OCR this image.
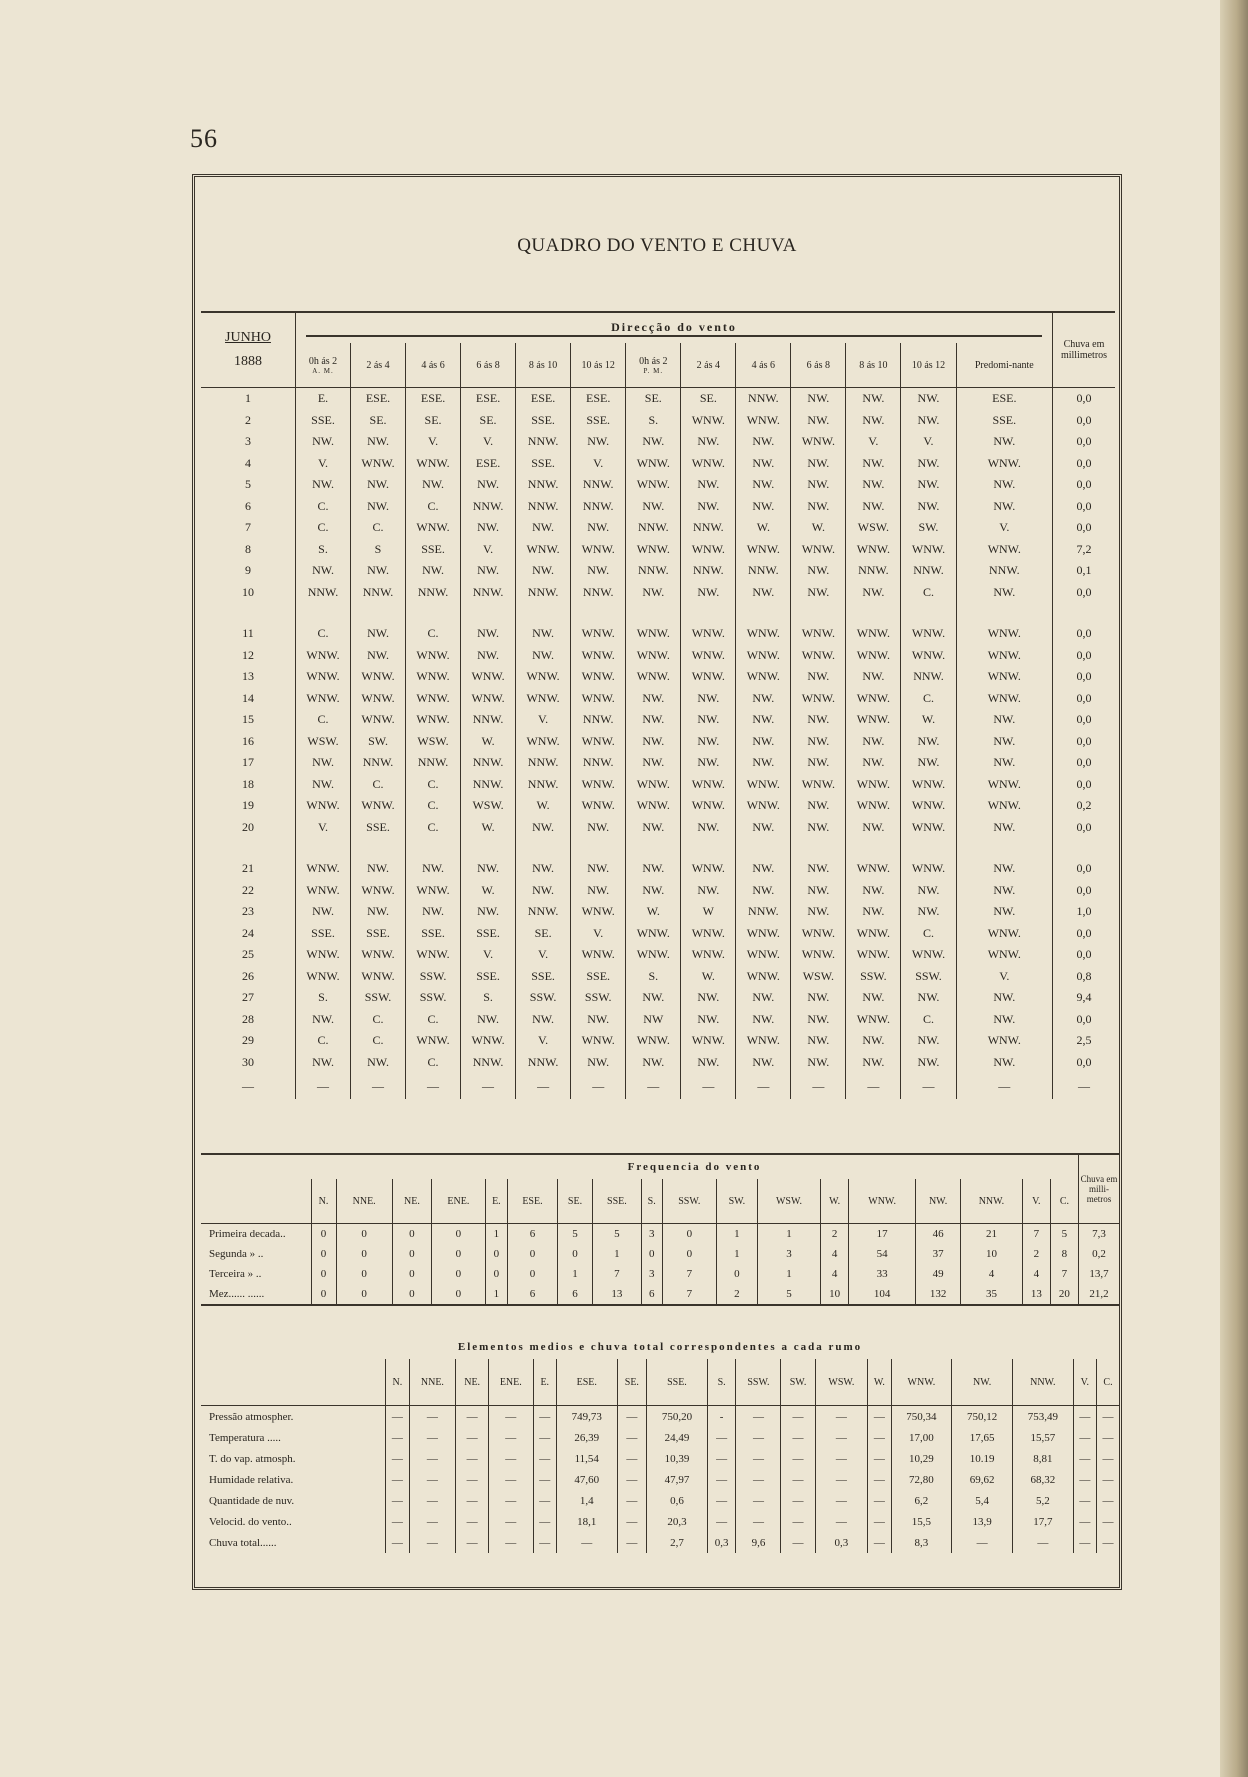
56
QUADRO DO VENTO E CHUVA
JUNHO
1888	Direcção do vento													Chuva em millimetros
	0h ás 2
A. M.	2 ás 4	4 ás 6	6 ás 8	8 ás 10	10 ás 12	0h ás 2
P. M.	2 ás 4	4 ás 6	6 ás 8	8 ás 10	10 ás 12	Predomi-nante	
1	E.	ESE.	ESE.	ESE.	ESE.	ESE.	SE.	SE.	NNW.	NW.	NW.	NW.	ESE.	0,0
2	SSE.	SE.	SE.	SE.	SSE.	SSE.	S.	WNW.	WNW.	NW.	NW.	NW.	SSE.	0,0
3	NW.	NW.	V.	V.	NNW.	NW.	NW.	NW.	NW.	WNW.	V.	V.	NW.	0,0
4	V.	WNW.	WNW.	ESE.	SSE.	V.	WNW.	WNW.	NW.	NW.	NW.	NW.	WNW.	0,0
5	NW.	NW.	NW.	NW.	NNW.	NNW.	WNW.	NW.	NW.	NW.	NW.	NW.	NW.	0,0
6	C.	NW.	C.	NNW.	NNW.	NNW.	NW.	NW.	NW.	NW.	NW.	NW.	NW.	0,0
7	C.	C.	WNW.	NW.	NW.	NW.	NNW.	NNW.	W.	W.	WSW.	SW.	V.	0,0
8	S.	S	SSE.	V.	WNW.	WNW.	WNW.	WNW.	WNW.	WNW.	WNW.	WNW.	WNW.	7,2
9	NW.	NW.	NW.	NW.	NW.	NW.	NNW.	NNW.	NNW.	NW.	NNW.	NNW.	NNW.	0,1
10	NNW.	NNW.	NNW.	NNW.	NNW.	NNW.	NW.	NW.	NW.	NW.	NW.	C.	NW.	0,0

11	C.	NW.	C.	NW.	NW.	WNW.	WNW.	WNW.	WNW.	WNW.	WNW.	WNW.	WNW.	0,0
12	WNW.	NW.	WNW.	NW.	NW.	WNW.	WNW.	WNW.	WNW.	WNW.	WNW.	WNW.	WNW.	0,0
13	WNW.	WNW.	WNW.	WNW.	WNW.	WNW.	WNW.	WNW.	WNW.	NW.	NW.	NNW.	WNW.	0,0
14	WNW.	WNW.	WNW.	WNW.	WNW.	WNW.	NW.	NW.	NW.	WNW.	WNW.	C.	WNW.	0,0
15	C.	WNW.	WNW.	NNW.	V.	NNW.	NW.	NW.	NW.	NW.	WNW.	W.	NW.	0,0
16	WSW.	SW.	WSW.	W.	WNW.	WNW.	NW.	NW.	NW.	NW.	NW.	NW.	NW.	0,0
17	NW.	NNW.	NNW.	NNW.	NNW.	NNW.	NW.	NW.	NW.	NW.	NW.	NW.	NW.	0,0
18	NW.	C.	C.	NNW.	NNW.	WNW.	WNW.	WNW.	WNW.	WNW.	WNW.	WNW.	WNW.	0,0
19	WNW.	WNW.	C.	WSW.	W.	WNW.	WNW.	WNW.	WNW.	NW.	WNW.	WNW.	WNW.	0,2
20	V.	SSE.	C.	W.	NW.	NW.	NW.	NW.	NW.	NW.	NW.	WNW.	NW.	0,0

21	WNW.	NW.	NW.	NW.	NW.	NW.	NW.	WNW.	NW.	NW.	WNW.	WNW.	NW.	0,0
22	WNW.	WNW.	WNW.	W.	NW.	NW.	NW.	NW.	NW.	NW.	NW.	NW.	NW.	0,0
23	NW.	NW.	NW.	NW.	NNW.	WNW.	W.	W	NNW.	NW.	NW.	NW.	NW.	1,0
24	SSE.	SSE.	SSE.	SSE.	SE.	V.	WNW.	WNW.	WNW.	WNW.	WNW.	C.	WNW.	0,0
25	WNW.	WNW.	WNW.	V.	V.	WNW.	WNW.	WNW.	WNW.	WNW.	WNW.	WNW.	WNW.	0,0
26	WNW.	WNW.	SSW.	SSE.	SSE.	SSE.	S.	W.	WNW.	WSW.	SSW.	SSW.	V.	0,8
27	S.	SSW.	SSW.	S.	SSW.	SSW.	NW.	NW.	NW.	NW.	NW.	NW.	NW.	9,4
28	NW.	C.	C.	NW.	NW.	NW.	NW	NW.	NW.	NW.	WNW.	C.	NW.	0,0
29	C.	C.	WNW.	WNW.	V.	WNW.	WNW.	WNW.	WNW.	NW.	NW.	NW.	WNW.	2,5
30	NW.	NW.	C.	NNW.	NNW.	NW.	NW.	NW.	NW.	NW.	NW.	NW.	NW.	0,0
—	—	—	—	—	—	—	—	—	—	—	—	—	—	—
	Frequencia do vento																		Chuva em milli-metros
	N.	NNE.	NE.	ENE.	E.	ESE.	SE.	SSE.	S.	SSW.	SW.	WSW.	W.	WNW.	NW.	NNW.	V.	C.	
Primeira decada..	0	0	0	0	1	6	5	5	3	0	1	1	2	17	46	21	7	5	7,3
Segunda » ..	0	0	0	0	0	0	0	1	0	0	1	3	4	54	37	10	2	8	0,2
Terceira » ..	0	0	0	0	0	0	1	7	3	7	0	1	4	33	49	4	4	7	13,7
Mez...... ......	0	0	0	0	1	6	6	13	6	7	2	5	10	104	132	35	13	20	21,2
Elementos medios e chuva total correspondentes a cada rumo																		
	N.	NNE.	NE.	ENE.	E.	ESE.	SE.	SSE.	S.	SSW.	SW.	WSW.	W.	WNW.	NW.	NNW.	V.	C.
Pressão atmospher.	—	—	—	—	—	749,73	—	750,20	-	—	—	—	—	750,34	750,12	753,49	—	—
Temperatura .....	—	—	—	—	—	26,39	—	24,49	—	—	—	—	—	17,00	17,65	15,57	—	—
T. do vap. atmosph.	—	—	—	—	—	11,54	—	10,39	—	—	—	—	—	10,29	10.19	8,81	—	—
Humidade relativa.	—	—	—	—	—	47,60	—	47,97	—	—	—	—	—	72,80	69,62	68,32	—	—
Quantidade de nuv.	—	—	—	—	—	1,4	—	0,6	—	—	—	—	—	6,2	5,4	5,2	—	—
Velocid. do vento..	—	—	—	—	—	18,1	—	20,3	—	—	—	—	—	15,5	13,9	17,7	—	—
Chuva total......	—	—	—	—	—	—	—	2,7	0,3	9,6	—	0,3	—	8,3	—	—	—	—
